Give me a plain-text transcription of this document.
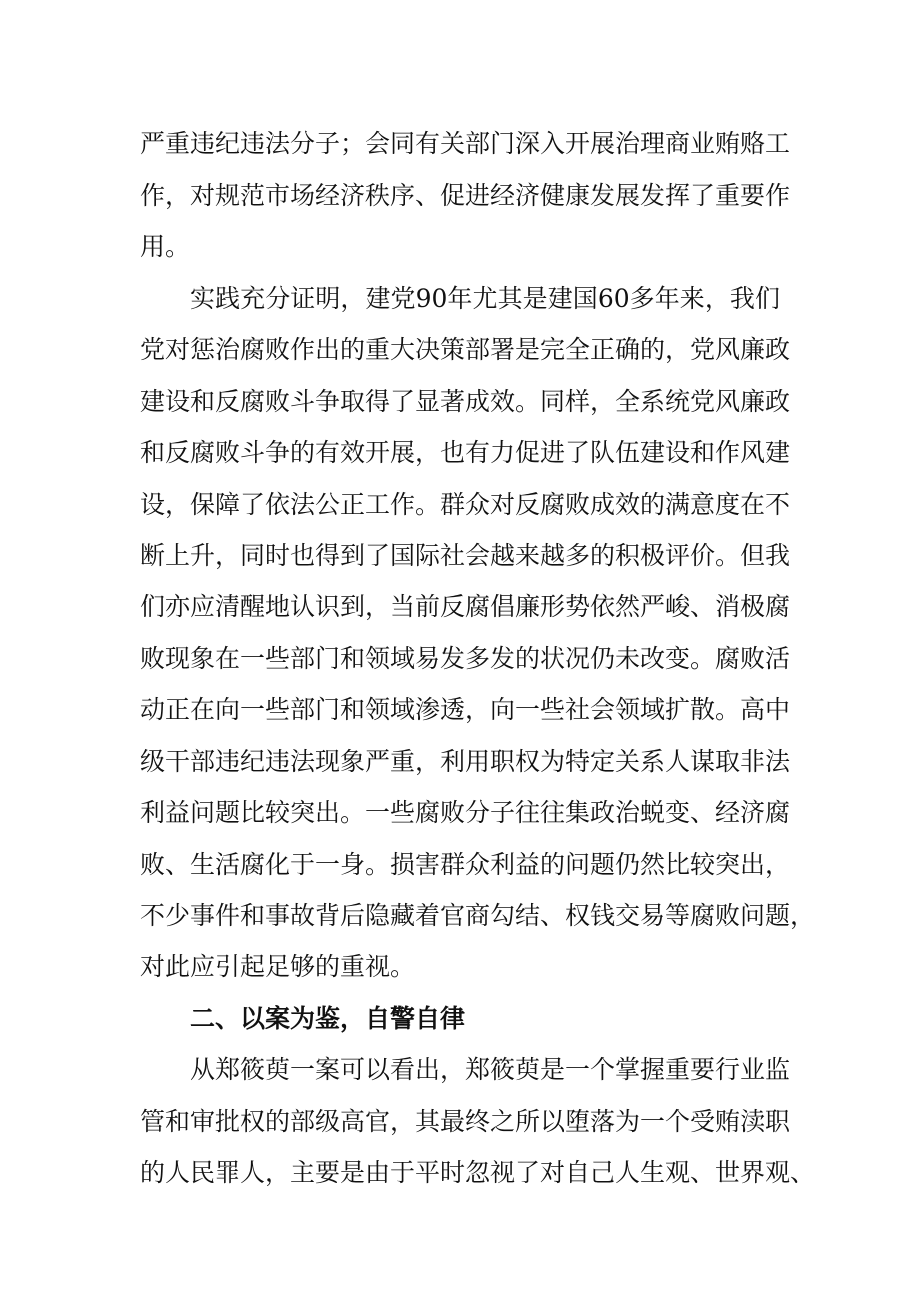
严重违纪违法分子；会同有关部门深入开展治理商业贿赂工
作，对规范市场经济秩序、促进经济健康发展发挥了重要作
用。
实践充分证明，建党90年尤其是建国60多年来，我们
党对惩治腐败作出的重大决策部署是完全正确的，党风廉政
建设和反腐败斗争取得了显著成效。同样，全系统党风廉政
和反腐败斗争的有效开展，也有力促进了队伍建设和作风建
设，保障了依法公正工作。群众对反腐败成效的满意度在不
断上升，同时也得到了国际社会越来越多的积极评价。但我
们亦应清醒地认识到，当前反腐倡廉形势依然严峻、消极腐
败现象在一些部门和领域易发多发的状况仍未改变。腐败活
动正在向一些部门和领域渗透，向一些社会领域扩散。高中
级干部违纪违法现象严重，利用职权为特定关系人谋取非法
利益问题比较突出。一些腐败分子往往集政治蜕变、经济腐
败、生活腐化于一身。损害群众利益的问题仍然比较突出，
不少事件和事故背后隐藏着官商勾结、权钱交易等腐败问题，
对此应引起足够的重视。
二、以案为鉴，自警自律
从郑筱萸一案可以看出，郑筱萸是一个掌握重要行业监
管和审批权的部级高官，其最终之所以堕落为一个受贿渎职
的人民罪人，主要是由于平时忽视了对自己人生观、世界观、
